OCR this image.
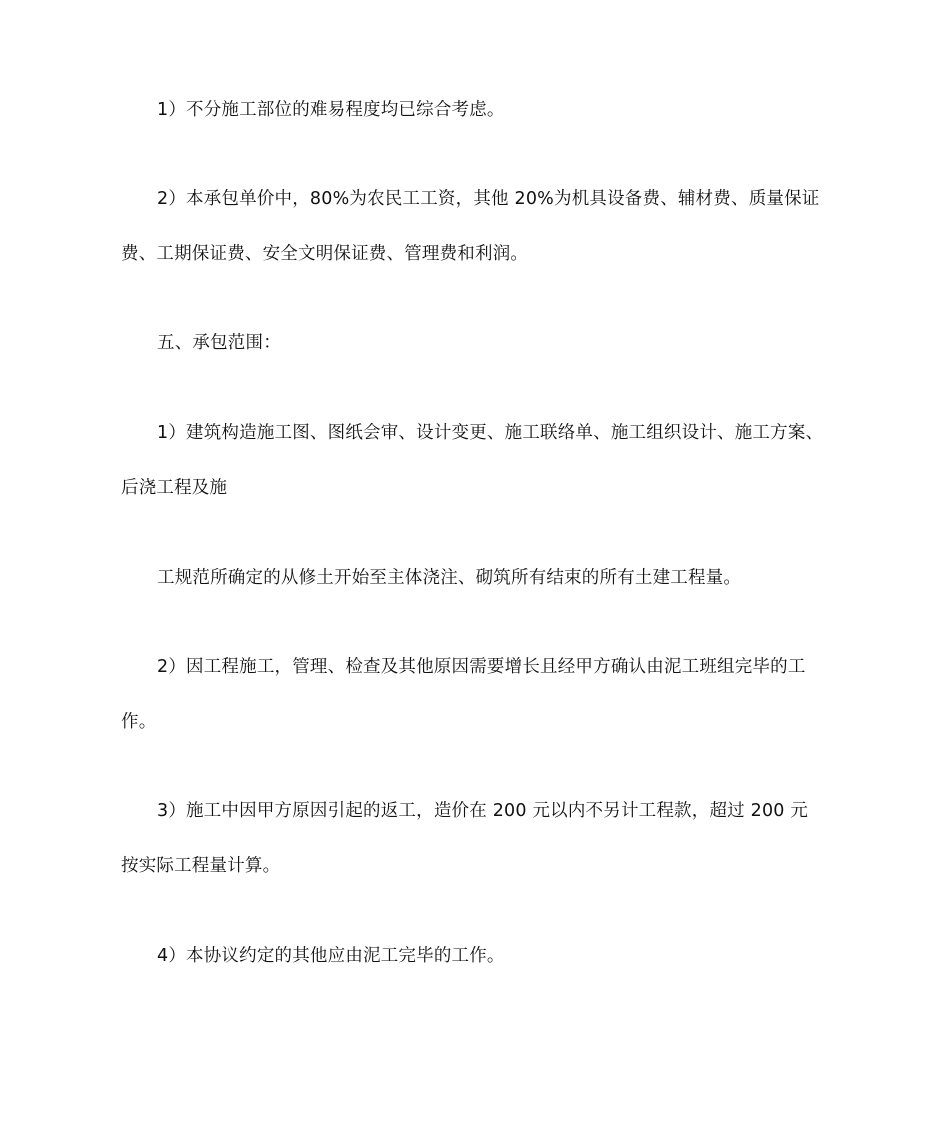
1）不分施工部位的难易程度均已综合考虑。
2）本承包单价中，80%为农民工工资，其他 20%为机具设备费、辅材费、质量保证
费、工期保证费、安全文明保证费、管理费和利润。
五、承包范围：
1）建筑构造施工图、图纸会审、设计变更、施工联络单、施工组织设计、施工方案、
后浇工程及施
工规范所确定的从修土开始至主体浇注、砌筑所有结束的所有土建工程量。
2）因工程施工，管理、检查及其他原因需要增长且经甲方确认由泥工班组完毕的工
作。
3）施工中因甲方原因引起的返工，造价在 200 元以内不另计工程款，超过 200 元
按实际工程量计算。
4）本协议约定的其他应由泥工完毕的工作。
